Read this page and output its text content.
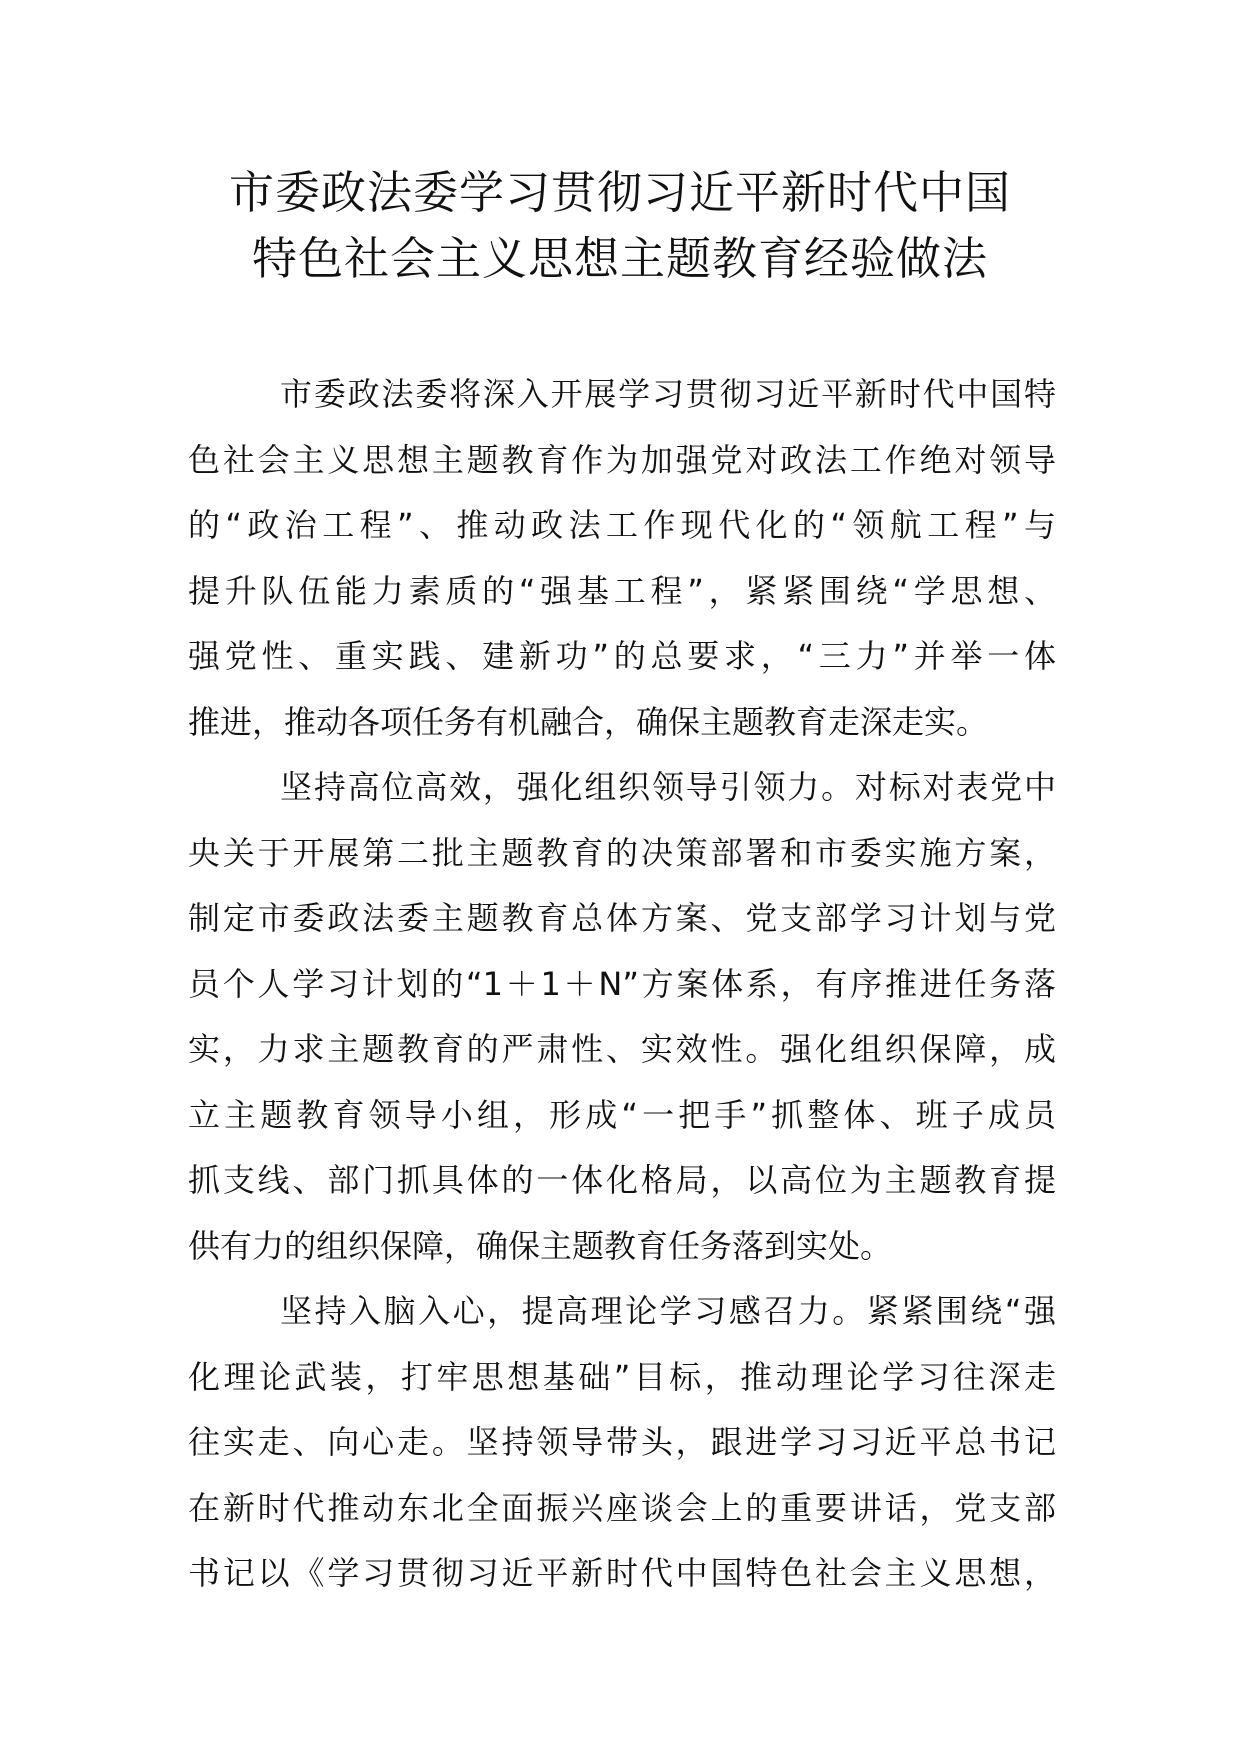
市委政法委学习贯彻习近平新时代中国
特色社会主义思想主题教育经验做法
市委政法委将深入开展学习贯彻习近平新时代中国特
色社会主义思想主题教育作为加强党对政法工作绝对领导
的“政治工程”、推动政法工作现代化的“领航工程”与
提升队伍能力素质的“强基工程”，紧紧围绕“学思想、
强党性、重实践、建新功”的总要求，“三力”并举一体
推进，推动各项任务有机融合，确保主题教育走深走实。
坚持高位高效，强化组织领导引领力。对标对表党中
央关于开展第二批主题教育的决策部署和市委实施方案，
制定市委政法委主题教育总体方案、党支部学习计划与党
员个人学习计划的“1＋1＋N”方案体系，有序推进任务落
实，力求主题教育的严肃性、实效性。强化组织保障，成
立主题教育领导小组，形成“一把手”抓整体、班子成员
抓支线、部门抓具体的一体化格局，以高位为主题教育提
供有力的组织保障，确保主题教育任务落到实处。
坚持入脑入心，提高理论学习感召力。紧紧围绕“强
化理论武装，打牢思想基础”目标，推动理论学习往深走
往实走、向心走。坚持领导带头，跟进学习习近平总书记
在新时代推动东北全面振兴座谈会上的重要讲话，党支部
书记以《学习贯彻习近平新时代中国特色社会主义思想，
